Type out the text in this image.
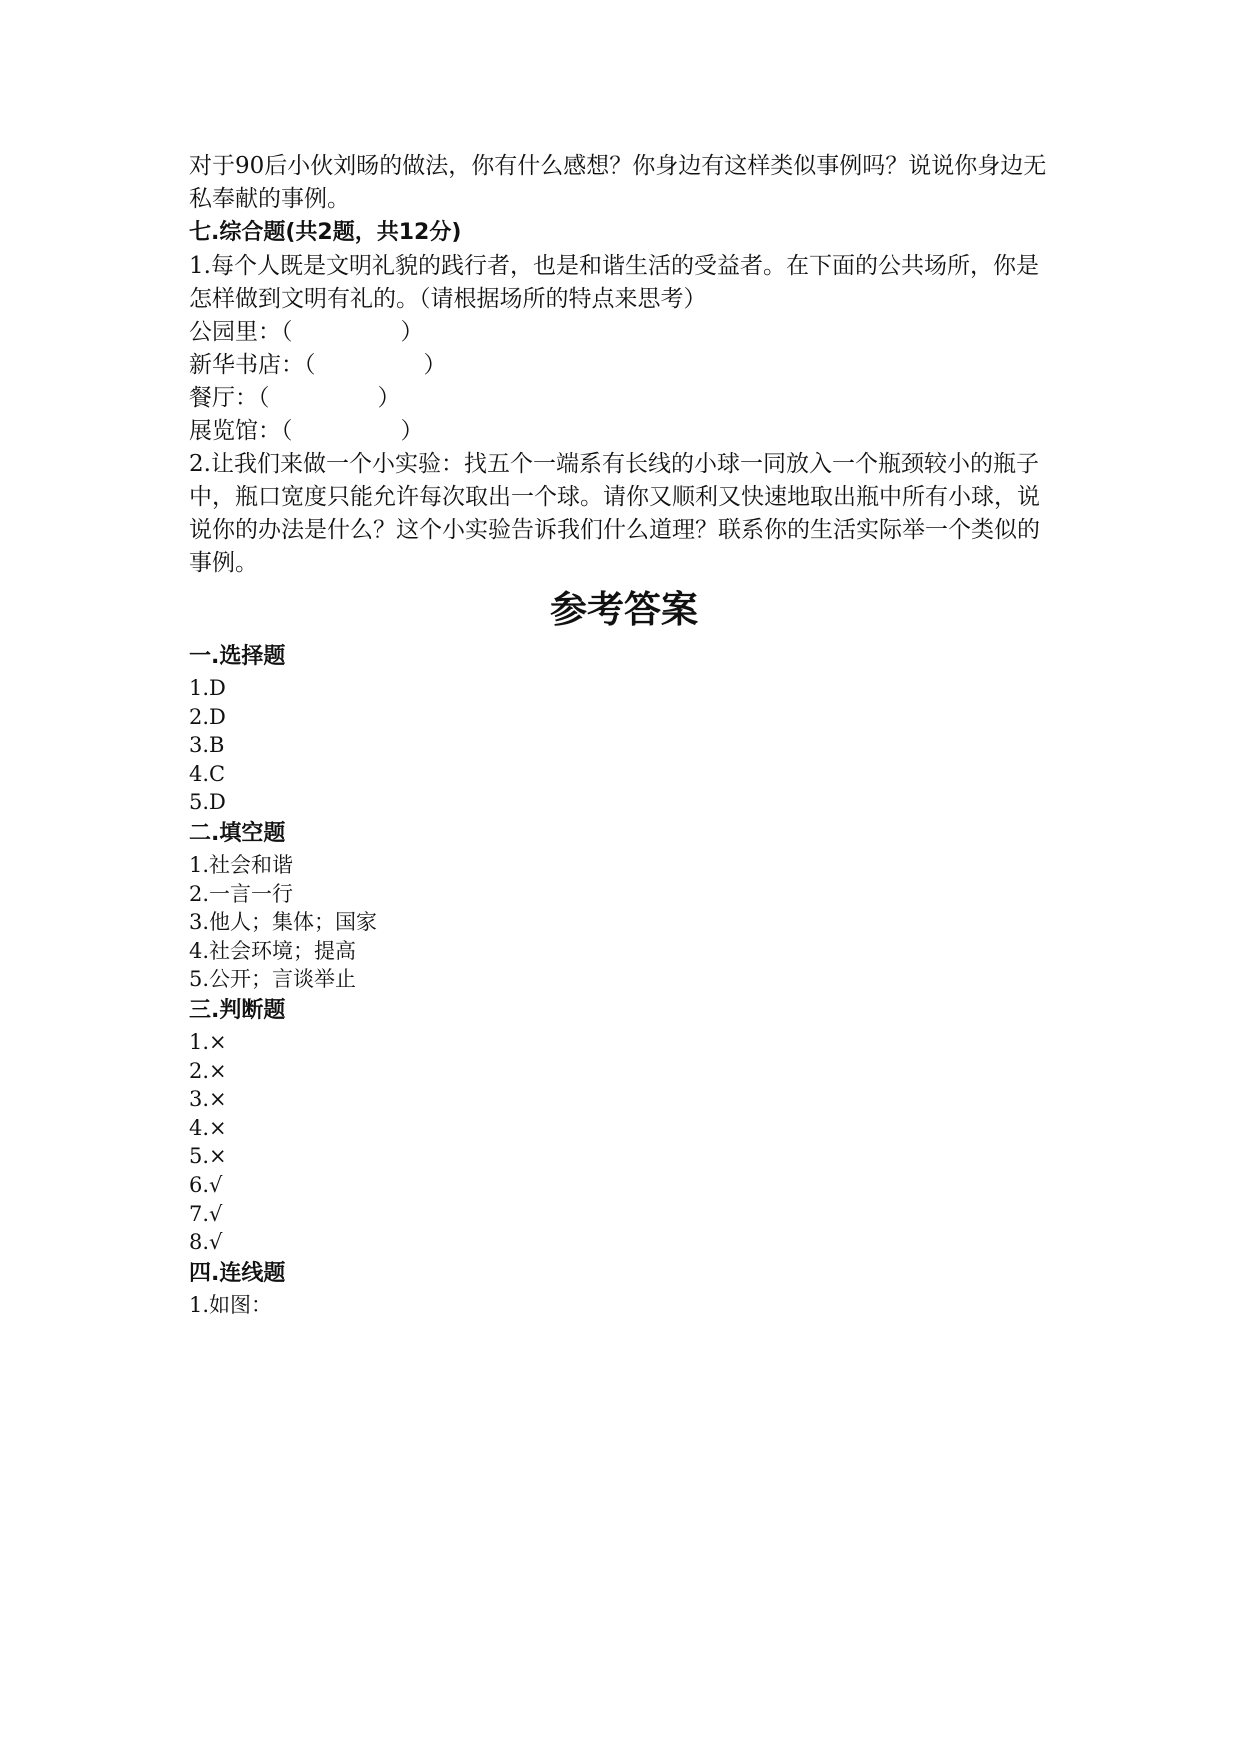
对于90后小伙刘旸的做法，你有什么感想？你身边有这样类似事例吗？说说你身边无私奉献的事例。

七.综合题(共2题，共12分)

1.每个人既是文明礼貌的践行者，也是和谐生活的受益者。在下面的公共场所，你是怎样做到文明有礼的。（请根据场所的特点来思考）

公园里：（	）
新华书店：（	）
餐厅：（	）
展览馆：（	）

2.让我们来做一个小实验：找五个一端系有长线的小球一同放入一个瓶颈较小的瓶子中，瓶口宽度只能允许每次取出一个球。请你又顺利又快速地取出瓶中所有小球，说说你的办法是什么？这个小实验告诉我们什么道理？联系你的生活实际举一个类似的事例。

参考答案

一.选择题

1.D

2.D

3.B

4.C

5.D

二.填空题

1.社会和谐

2.一言一行

3.他人；集体；国家

4.社会环境；提高

5.公开；言谈举止

三.判断题

1.×

2.×

3.×

4.×

5.×

6.√

7.√

8.√

四.连线题

1.如图：
